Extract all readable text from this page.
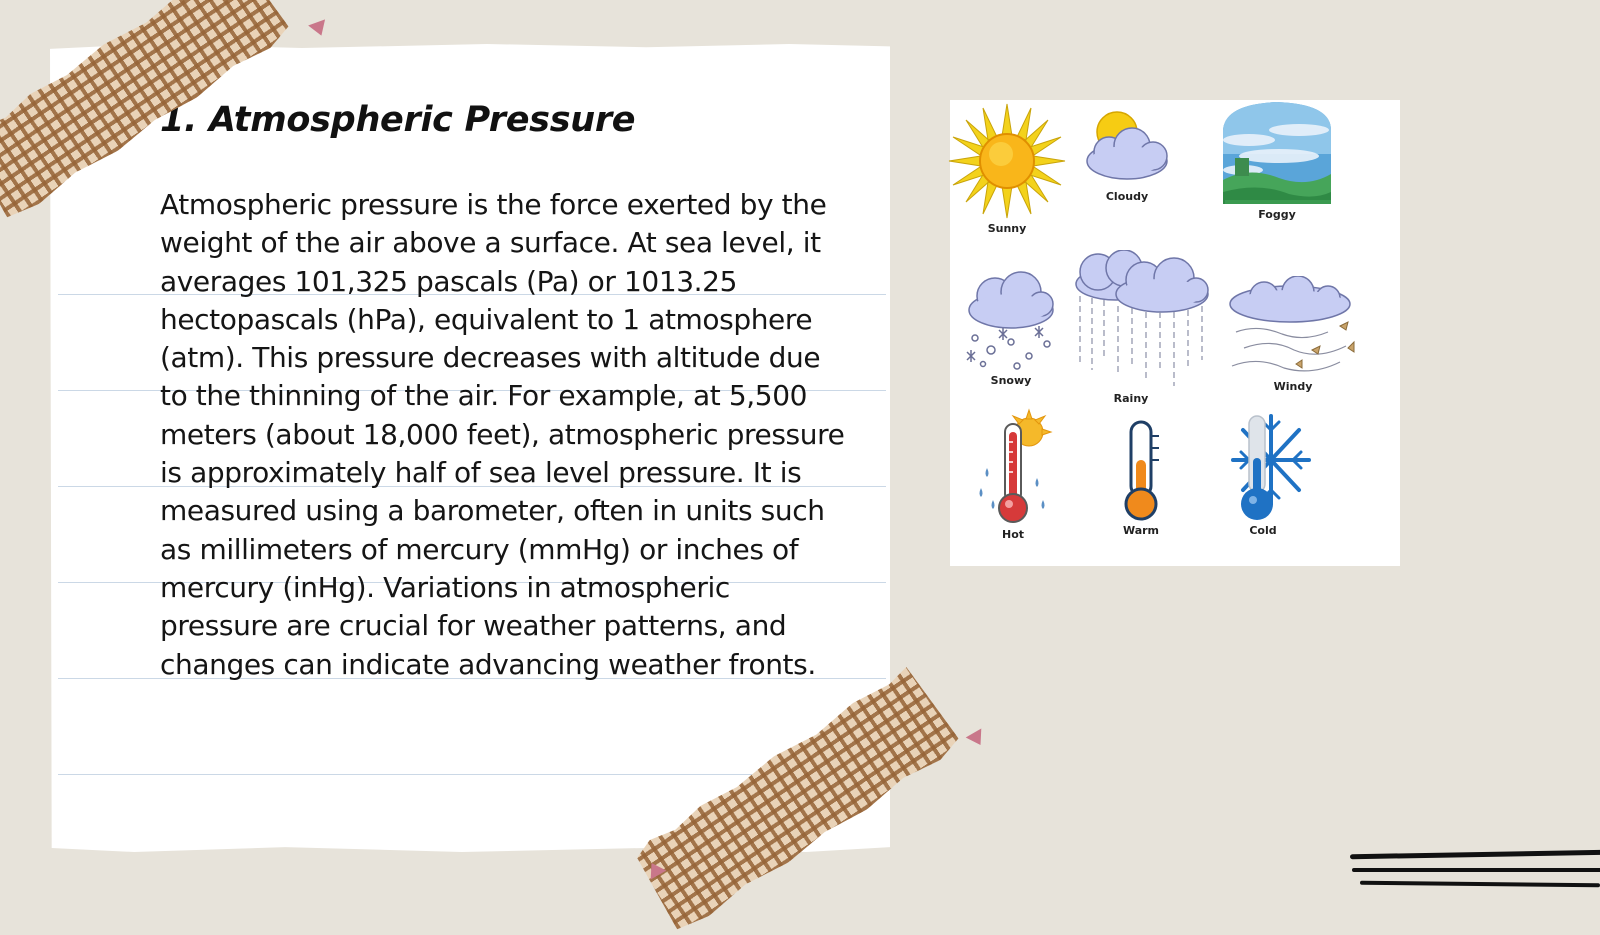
1. Atmospheric Pressure

Atmospheric pressure is the force exerted by the weight of the air above a surface. At sea level, it averages 101,325 pascals (Pa) or 1013.25 hectopascals (hPa), equivalent to 1 atmosphere (atm). This pressure decreases with altitude due to the thinning of the air. For example, at 5,500 meters (about 18,000 feet), atmospheric pressure is approximately half of sea level pressure. It is measured using a barometer, often in units such as millimeters of mercury (mmHg) or inches of mercury (inHg). Variations in atmospheric pressure are crucial for weather patterns, and changes can indicate advancing weather fronts.

Sunny
Cloudy
Foggy
Snowy
Rainy
Windy
Hot	Warm	Cold
